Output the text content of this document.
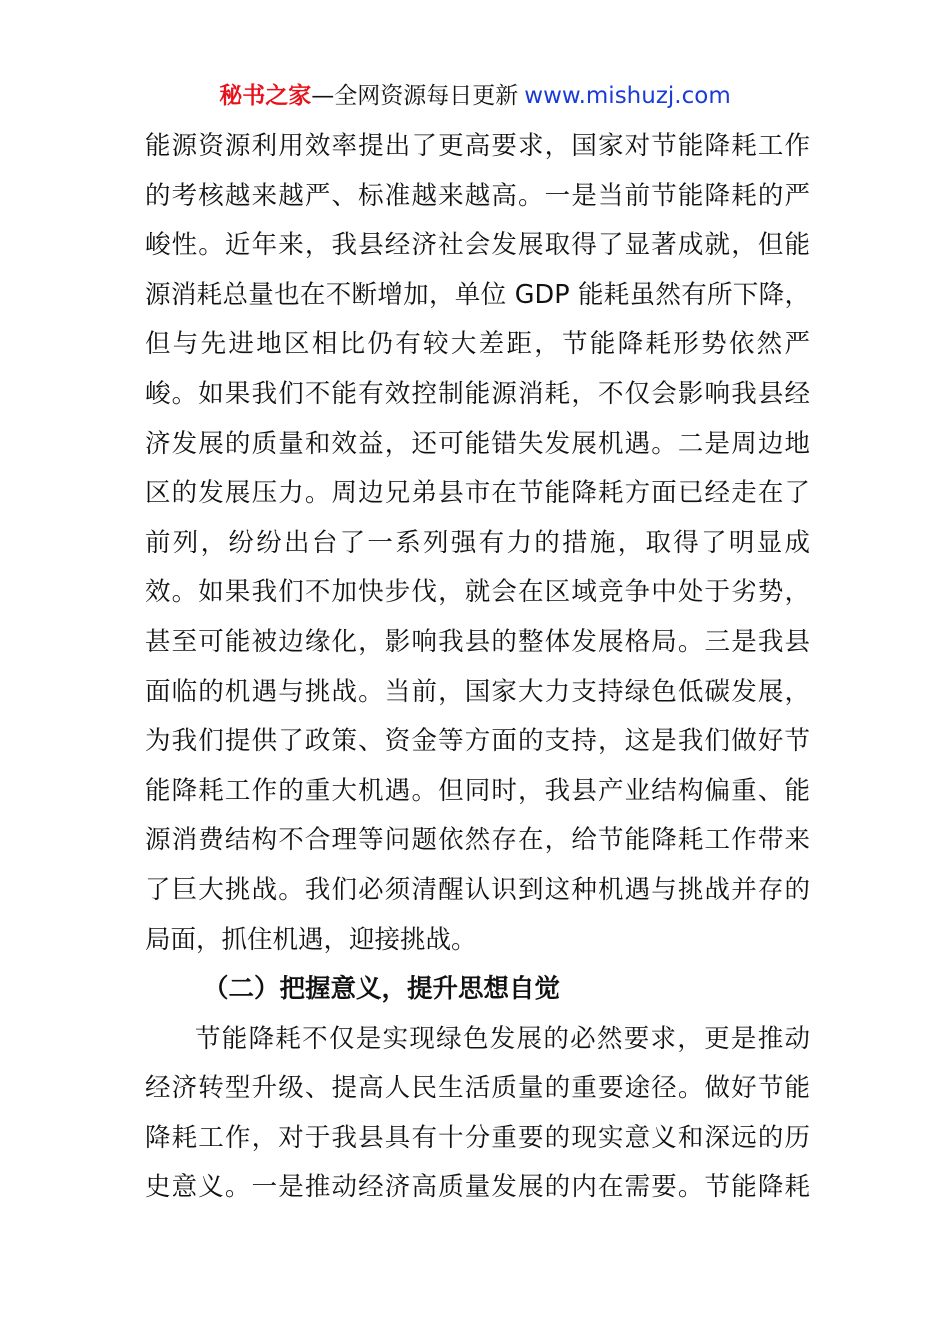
秘书之家—全网资源每日更新 www.mishuzj.com
能源资源利用效率提出了更高要求，国家对节能降耗工作
的考核越来越严、标准越来越高。一是当前节能降耗的严
峻性。近年来，我县经济社会发展取得了显著成就，但能
源消耗总量也在不断增加，单位 GDP 能耗虽然有所下降，
但与先进地区相比仍有较大差距，节能降耗形势依然严
峻。如果我们不能有效控制能源消耗，不仅会影响我县经
济发展的质量和效益，还可能错失发展机遇。二是周边地
区的发展压力。周边兄弟县市在节能降耗方面已经走在了
前列，纷纷出台了一系列强有力的措施，取得了明显成
效。如果我们不加快步伐，就会在区域竞争中处于劣势，
甚至可能被边缘化，影响我县的整体发展格局。三是我县
面临的机遇与挑战。当前，国家大力支持绿色低碳发展，
为我们提供了政策、资金等方面的支持，这是我们做好节
能降耗工作的重大机遇。但同时，我县产业结构偏重、能
源消费结构不合理等问题依然存在，给节能降耗工作带来
了巨大挑战。我们必须清醒认识到这种机遇与挑战并存的
局面，抓住机遇，迎接挑战。
（二）把握意义，提升思想自觉
节能降耗不仅是实现绿色发展的必然要求，更是推动
经济转型升级、提高人民生活质量的重要途径。做好节能
降耗工作，对于我县具有十分重要的现实意义和深远的历
史意义。一是推动经济高质量发展的内在需要。节能降耗
